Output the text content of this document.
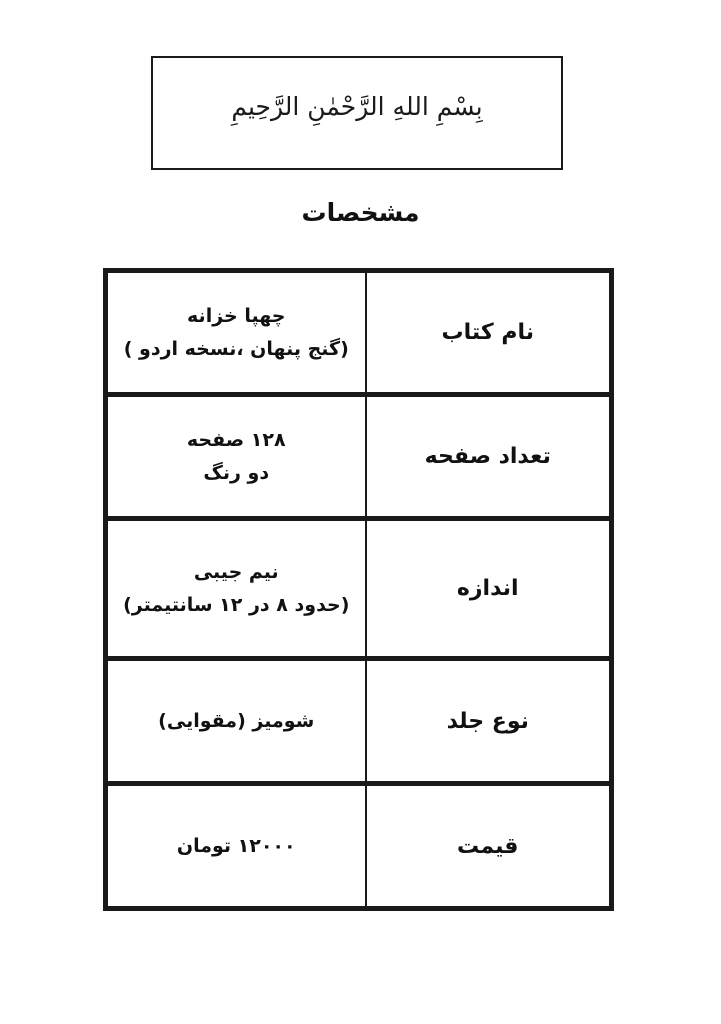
بِسْمِ اللهِ الرَّحْمٰنِ الرَّحِیمِ
مشخصات
نام کتاب	چهپا خزانه
(گنج پنهان ،نسخه اردو )

تعداد صفحه	۱۲۸ صفحه
دو رنگ

اندازه	نیم جیبی
(حدود ۸ در ۱۲ سانتیمتر)

نوع جلد	شومیز (مقوایی)

قیمت	۱۲۰۰۰ تومان
